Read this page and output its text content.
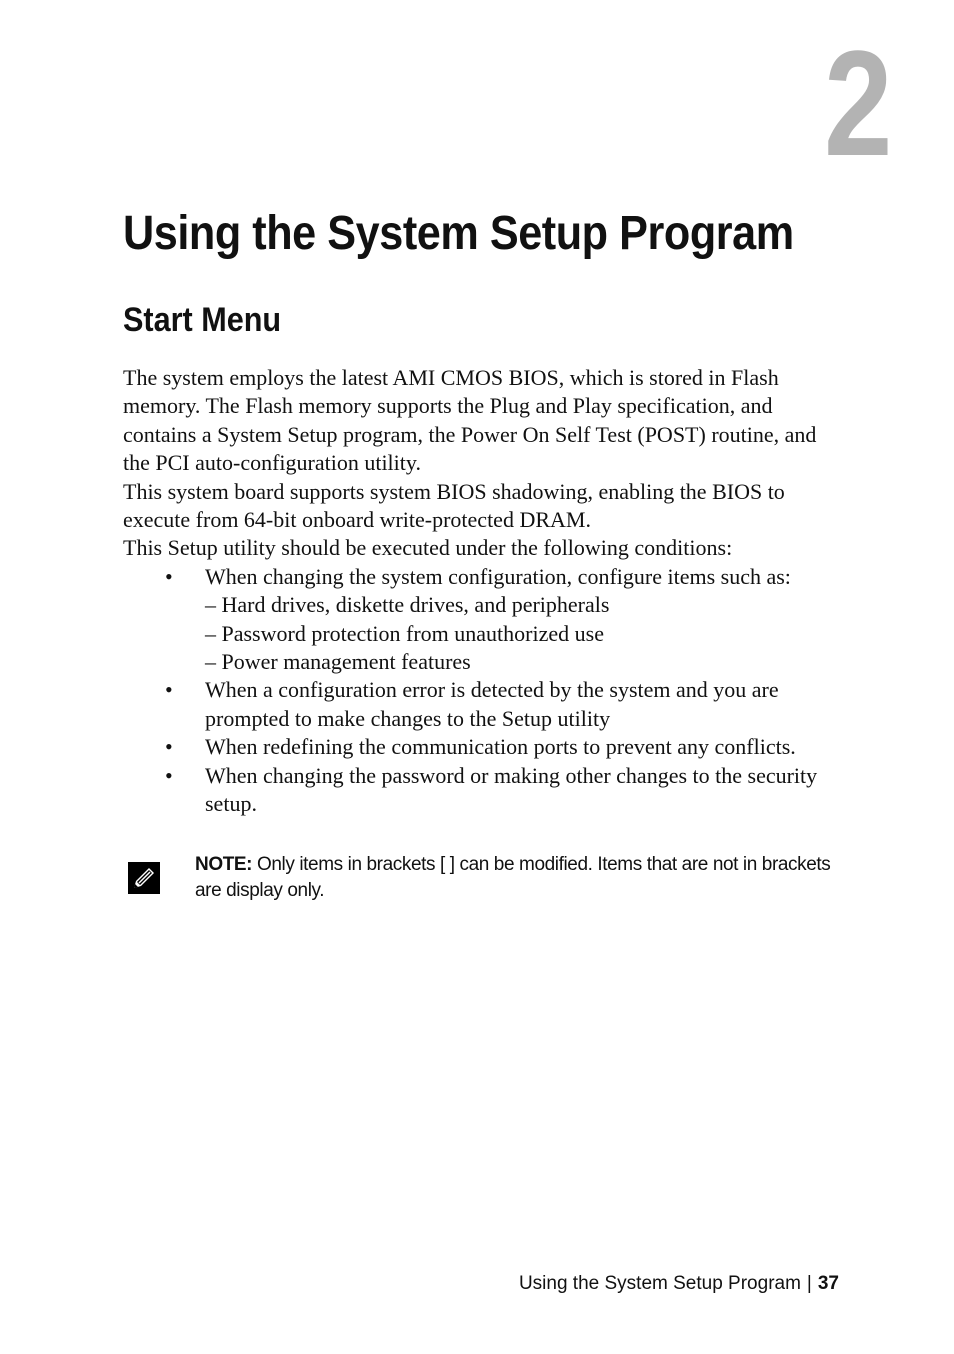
2
Using the System Setup Program
Start Menu

The system employs the latest AMI CMOS BIOS, which is stored in Flash memory. The Flash memory supports the Plug and Play specification, and contains a System Setup program, the Power On Self Test (POST) routine, and the PCI auto-configuration utility.

This system board supports system BIOS shadowing, enabling the BIOS to execute from 64-bit onboard write-protected DRAM.

This Setup utility should be executed under the following conditions:

• When changing the system configuration, configure items such as:
– Hard drives, diskette drives, and peripherals
– Password protection from unauthorized use
– Power management features
• When a configuration error is detected by the system and you are prompted to make changes to the Setup utility
• When redefining the communication ports to prevent any conflicts.
• When changing the password or making other changes to the security setup.
NOTE: Only items in brackets [ ] can be modified. Items that are not in brackets are display only.
Using the System Setup Program | 37
